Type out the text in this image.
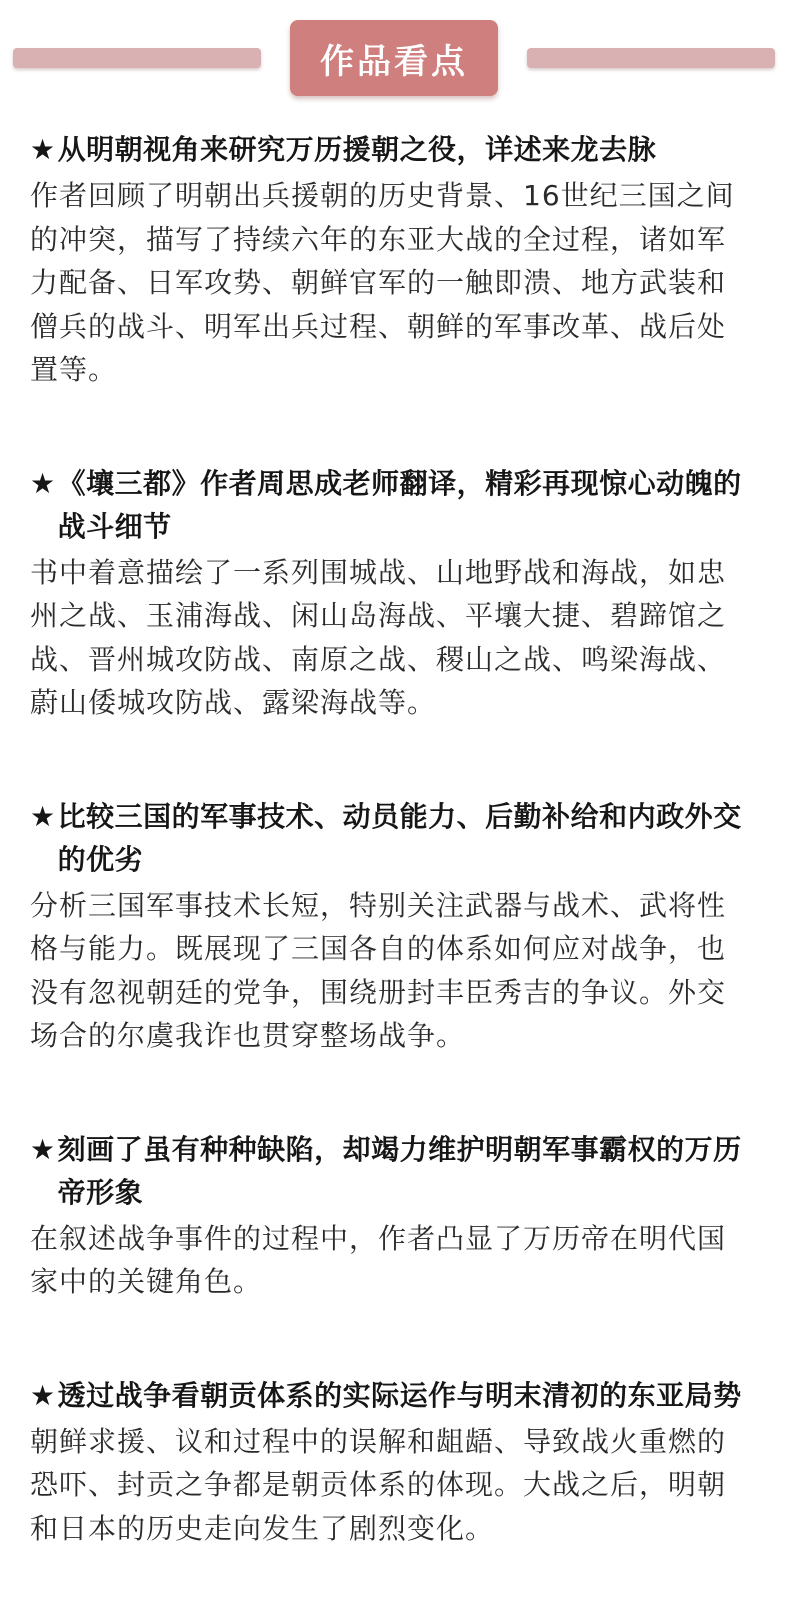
作品看点
★ 从明朝视角来研究万历援朝之役，详述来龙去脉
作者回顾了明朝出兵援朝的历史背景、16世纪三国之间的冲突，描写了持续六年的东亚大战的全过程，诸如军力配备、日军攻势、朝鲜官军的一触即溃、地方武装和僧兵的战斗、明军出兵过程、朝鲜的军事改革、战后处置等。
★ 《壤三都》作者周思成老师翻译，精彩再现惊心动魄的战斗细节
书中着意描绘了一系列围城战、山地野战和海战，如忠州之战、玉浦海战、闲山岛海战、平壤大捷、碧蹄馆之战、晋州城攻防战、南原之战、稷山之战、鸣梁海战、蔚山倭城攻防战、露梁海战等。
★ 比较三国的军事技术、动员能力、后勤补给和内政外交的优劣
分析三国军事技术长短，特别关注武器与战术、武将性格与能力。既展现了三国各自的体系如何应对战争，也没有忽视朝廷的党争，围绕册封丰臣秀吉的争议。外交场合的尔虞我诈也贯穿整场战争。
★ 刻画了虽有种种缺陷，却竭力维护明朝军事霸权的万历帝形象
在叙述战争事件的过程中，作者凸显了万历帝在明代国家中的关键角色。
★ 透过战争看朝贡体系的实际运作与明末清初的东亚局势
朝鲜求援、议和过程中的误解和龃龉、导致战火重燃的恐吓、封贡之争都是朝贡体系的体现。大战之后，明朝和日本的历史走向发生了剧烈变化。
